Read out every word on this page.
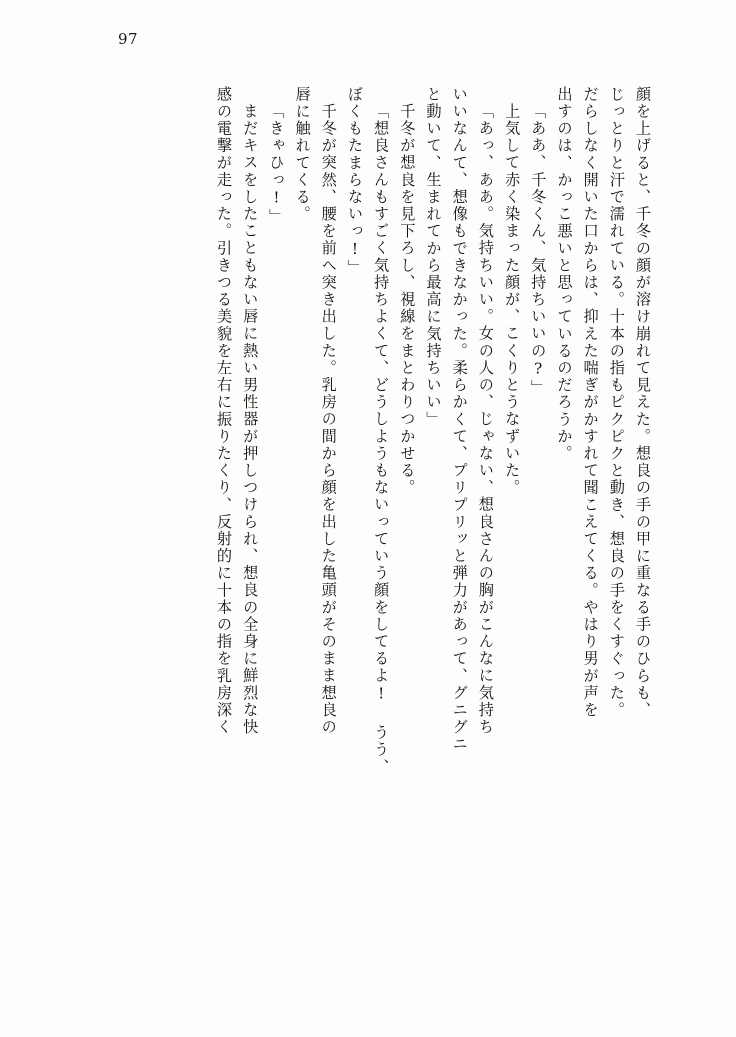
97
顔を上げると、千冬の顔が溶け崩れて見えた。想良の手の甲に重なる手のひらも、
じっとりと汗で濡れている。十本の指もピクピクと動き、想良の手をくすぐった。
だらしなく開いた口からは、抑えた喘ぎがかすれて聞こえてくる。やはり男が声を
出すのは、かっこ悪いと思っているのだろうか。
「ああ、千冬くん、気持ちいいの?」
上気して赤く染まった顔が、こくりとうなずいた。
「あっ、ああ。気持ちいい。女の人の、じゃない、想良さんの胸がこんなに気持ち
いいなんて、想像もできなかった。柔らかくて、プリプリッと弾力があって、グニグニ
と動いて、生まれてから最高に気持ちいい」
千冬が想良を見下ろし、視線をまとわりつかせる。
「想良さんもすごく気持ちよくて、どうしようもないっていう顔をしてるよ! うう、
ぼくもたまらないっ!」
千冬が突然、腰を前へ突き出した。乳房の間から顔を出した亀頭がそのまま想良の
唇に触れてくる。
「きゃひっ!」
まだキスをしたこともない唇に熱い男性器が押しつけられ、想良の全身に鮮烈な快
感の電撃が走った。引きつる美貌を左右に振りたくり、反射的に十本の指を乳房深く
